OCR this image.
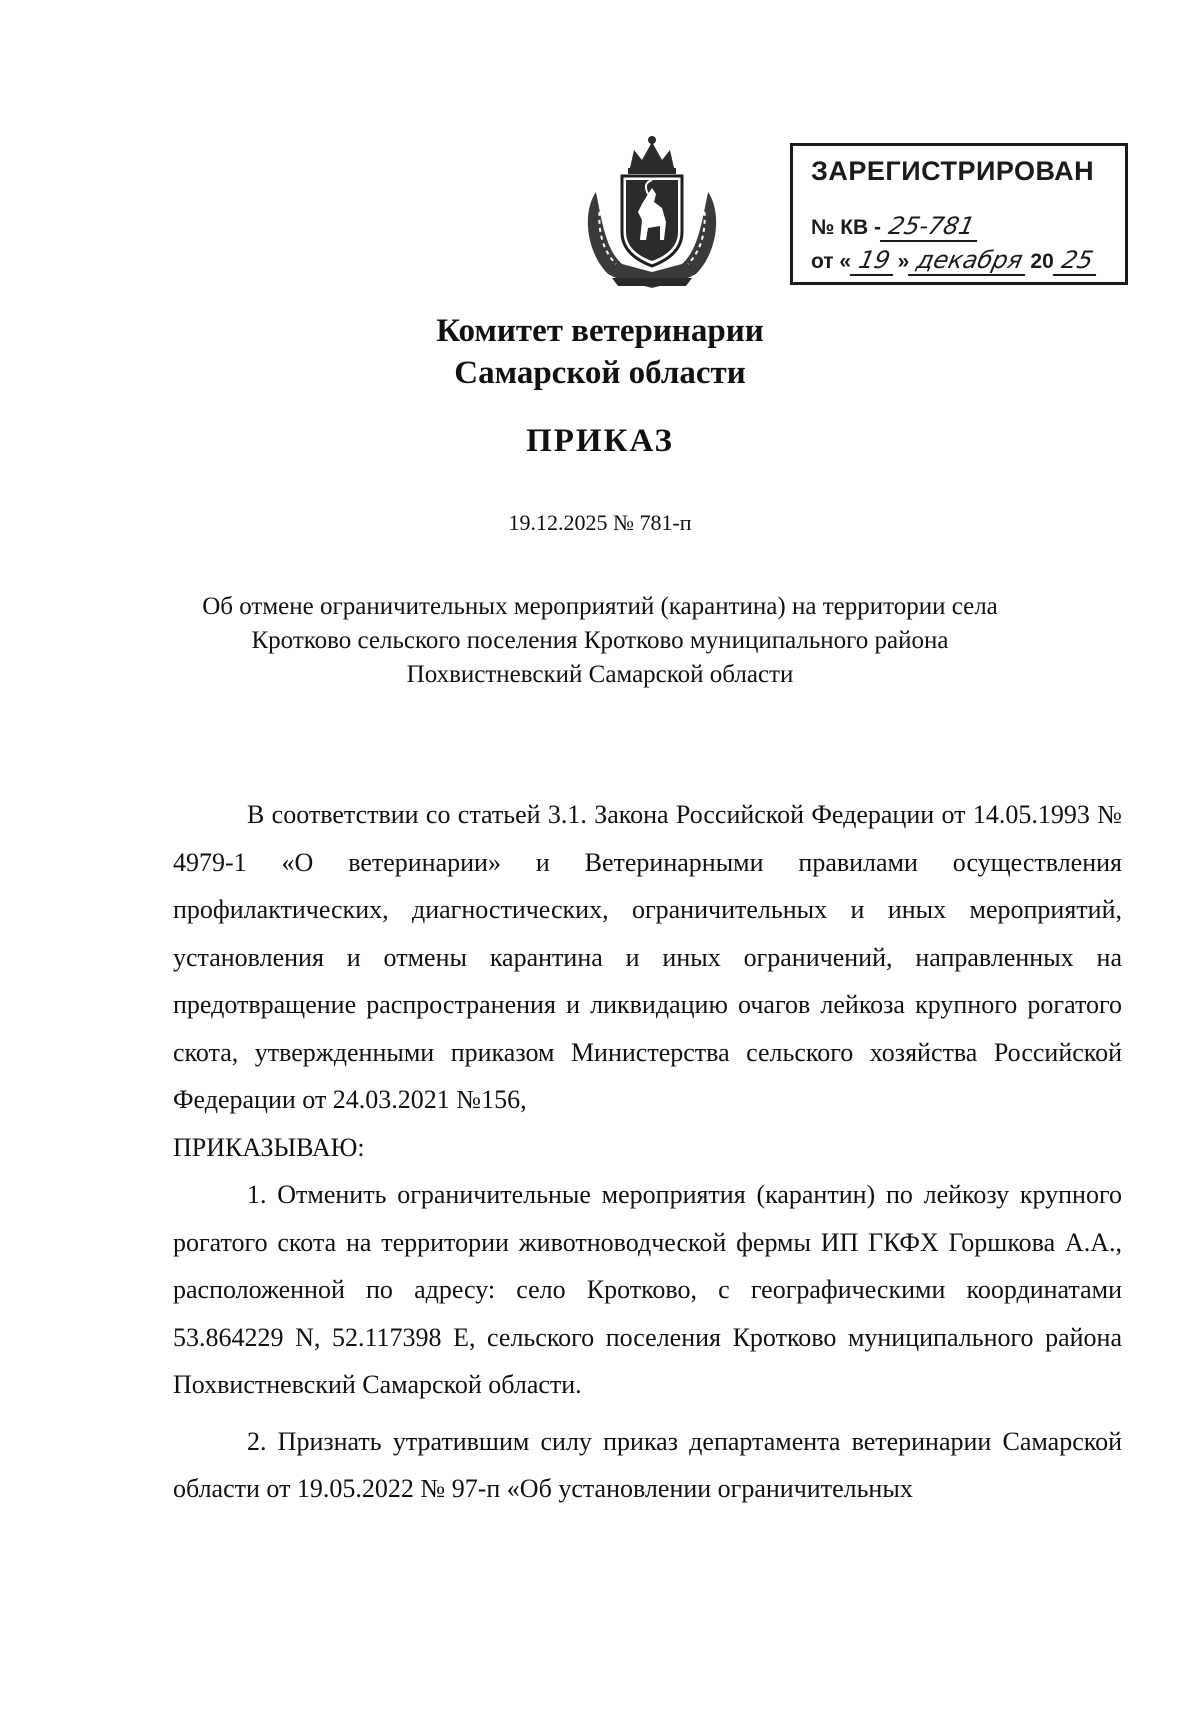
ЗАРЕГИСТРИРОВАН
№ КВ - 25-781
от « 19 » декабря 20 25
Комитет ветеринарии
Самарской области
ПРИКАЗ
19.12.2025 № 781-п
Об отмене ограничительных мероприятий (карантина) на территории села
Кротково сельского поселения Кротково муниципального района
Похвистневский Самарской области

В соответствии со статьей 3.1. Закона Российской Федерации от 14.05.1993 № 4979-1 «О ветеринарии» и Ветеринарными правилами осуществления профилактических, диагностических, ограничительных и иных мероприятий, установления и отмены карантина и иных ограничений, направленных на предотвращение распространения и ликвидацию очагов лейкоза крупного рогатого скота, утвержденными приказом Министерства сельского хозяйства Российской Федерации от 24.03.2021 №156,

ПРИКАЗЫВАЮ:

1. Отменить ограничительные мероприятия (карантин) по лейкозу крупного рогатого скота на территории животноводческой фермы ИП ГКФХ Горшкова А.А., расположенной по адресу: село Кротково, с географическими координатами 53.864229 N, 52.117398 E, сельского поселения Кротково муниципального района Похвистневский Самарской области.

2. Признать утратившим силу приказ департамента ветеринарии Самарской области от 19.05.2022 № 97-п «Об установлении ограничительных
